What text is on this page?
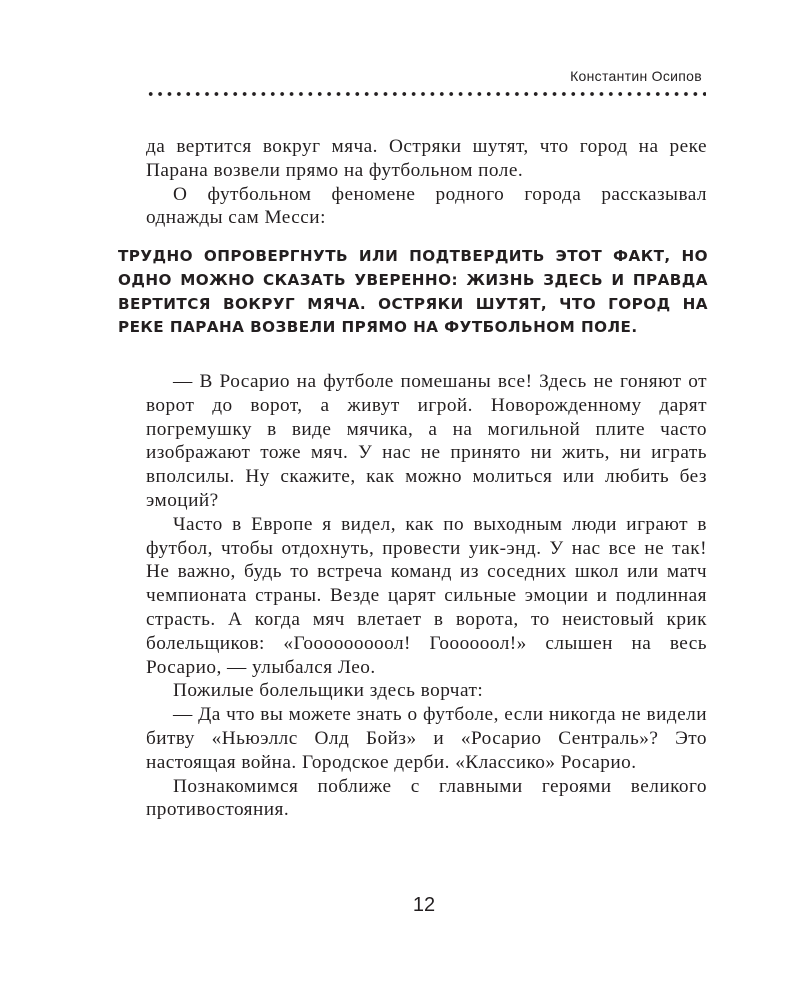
Константин Осипов

да вертится вокруг мяча. Остряки шутят, что город на реке Парана возвели прямо на футбольном поле.

О футбольном феномене родного города рассказывал однажды сам Месси:

ТРУДНО ОПРОВЕРГНУТЬ ИЛИ ПОДТВЕРДИТЬ ЭТОТ ФАКТ, НО ОДНО МОЖНО СКАЗАТЬ УВЕРЕННО: ЖИЗНЬ ЗДЕСЬ И ПРАВДА ВЕРТИТСЯ ВОКРУГ МЯЧА. ОСТРЯКИ ШУТЯТ, ЧТО ГОРОД НА РЕКЕ ПАРАНА ВОЗВЕЛИ ПРЯМО НА ФУТБОЛЬНОМ ПОЛЕ.

— В Росарио на футболе помешаны все! Здесь не гоняют от ворот до ворот, а живут игрой. Новорожденному дарят погремушку в виде мячика, а на могильной плите часто изображают тоже мяч. У нас не принято ни жить, ни играть вполсилы. Ну скажите, как можно молиться или любить без эмоций?

Часто в Европе я видел, как по выходным люди играют в футбол, чтобы отдохнуть, провести уик-энд. У нас все не так! Не важно, будь то встреча команд из соседних школ или матч чемпионата страны. Везде царят сильные эмоции и подлинная страсть. А когда мяч влетает в ворота, то неистовый крик болельщиков: «Гооооооооол! Гоооооол!» слышен на весь Росарио, — улыбался Лео.

Пожилые болельщики здесь ворчат:

— Да что вы можете знать о футболе, если никогда не видели битву «Ньюэллс Олд Бойз» и «Росарио Сентраль»? Это настоящая война. Городское дерби. «Классико» Росарио.

Познакомимся поближе с главными героями великого противостояния.

12
